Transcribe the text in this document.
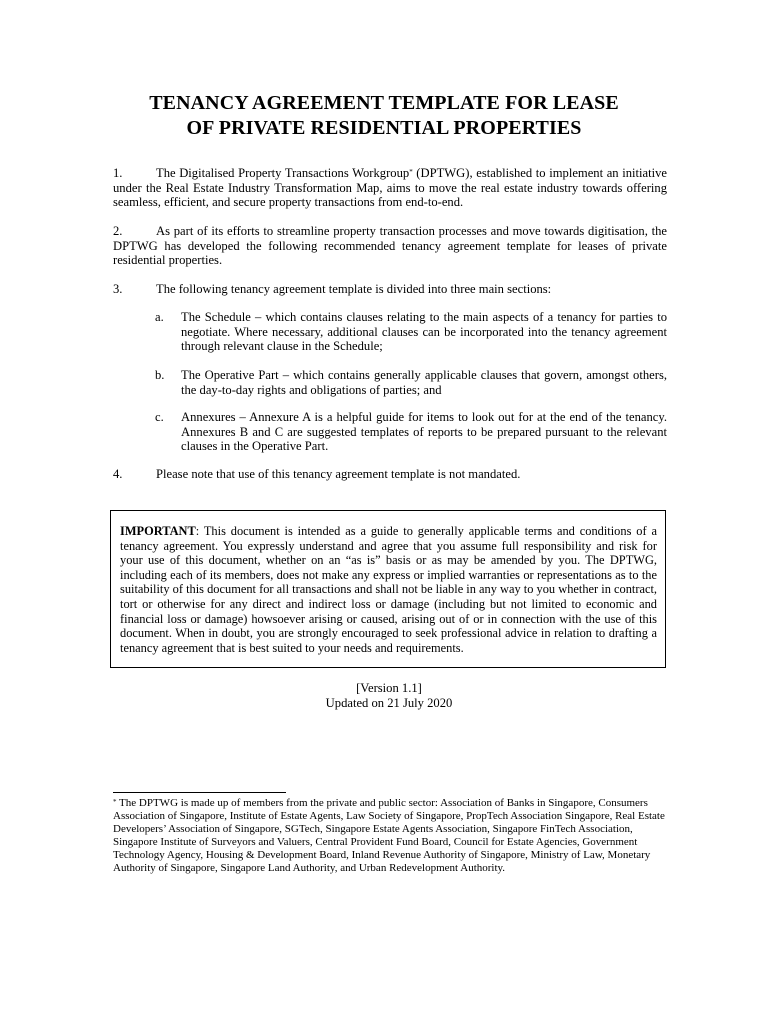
TENANCY AGREEMENT TEMPLATE FOR LEASE
OF PRIVATE RESIDENTIAL PROPERTIES
1.	The Digitalised Property Transactions Workgroup* (DPTWG), established to implement an initiative under the Real Estate Industry Transformation Map, aims to move the real estate industry towards offering seamless, efficient, and secure property transactions from end-to-end.
2.	As part of its efforts to streamline property transaction processes and move towards digitisation, the DPTWG has developed the following recommended tenancy agreement template for leases of private residential properties.
3.	The following tenancy agreement template is divided into three main sections:
a.	The Schedule – which contains clauses relating to the main aspects of a tenancy for parties to negotiate. Where necessary, additional clauses can be incorporated into the tenancy agreement through relevant clause in the Schedule;
b.	The Operative Part – which contains generally applicable clauses that govern, amongst others, the day-to-day rights and obligations of parties; and
c.	Annexures – Annexure A is a helpful guide for items to look out for at the end of the tenancy. Annexures B and C are suggested templates of reports to be prepared pursuant to the relevant clauses in the Operative Part.
4.	Please note that use of this tenancy agreement template is not mandated.
IMPORTANT: This document is intended as a guide to generally applicable terms and conditions of a tenancy agreement. You expressly understand and agree that you assume full responsibility and risk for your use of this document, whether on an “as is” basis or as may be amended by you. The DPTWG, including each of its members, does not make any express or implied warranties or representations as to the suitability of this document for all transactions and shall not be liable in any way to you whether in contract, tort or otherwise for any direct and indirect loss or damage (including but not limited to economic and financial loss or damage) howsoever arising or caused, arising out of or in connection with the use of this document. When in doubt, you are strongly encouraged to seek professional advice in relation to drafting a tenancy agreement that is best suited to your needs and requirements.
[Version 1.1]
Updated on 21 July 2020
* The DPTWG is made up of members from the private and public sector: Association of Banks in Singapore, Consumers Association of Singapore, Institute of Estate Agents, Law Society of Singapore, PropTech Association Singapore, Real Estate Developers’ Association of Singapore, SGTech, Singapore Estate Agents Association, Singapore FinTech Association, Singapore Institute of Surveyors and Valuers, Central Provident Fund Board, Council for Estate Agencies, Government Technology Agency, Housing & Development Board, Inland Revenue Authority of Singapore, Ministry of Law, Monetary Authority of Singapore, Singapore Land Authority, and Urban Redevelopment Authority.
